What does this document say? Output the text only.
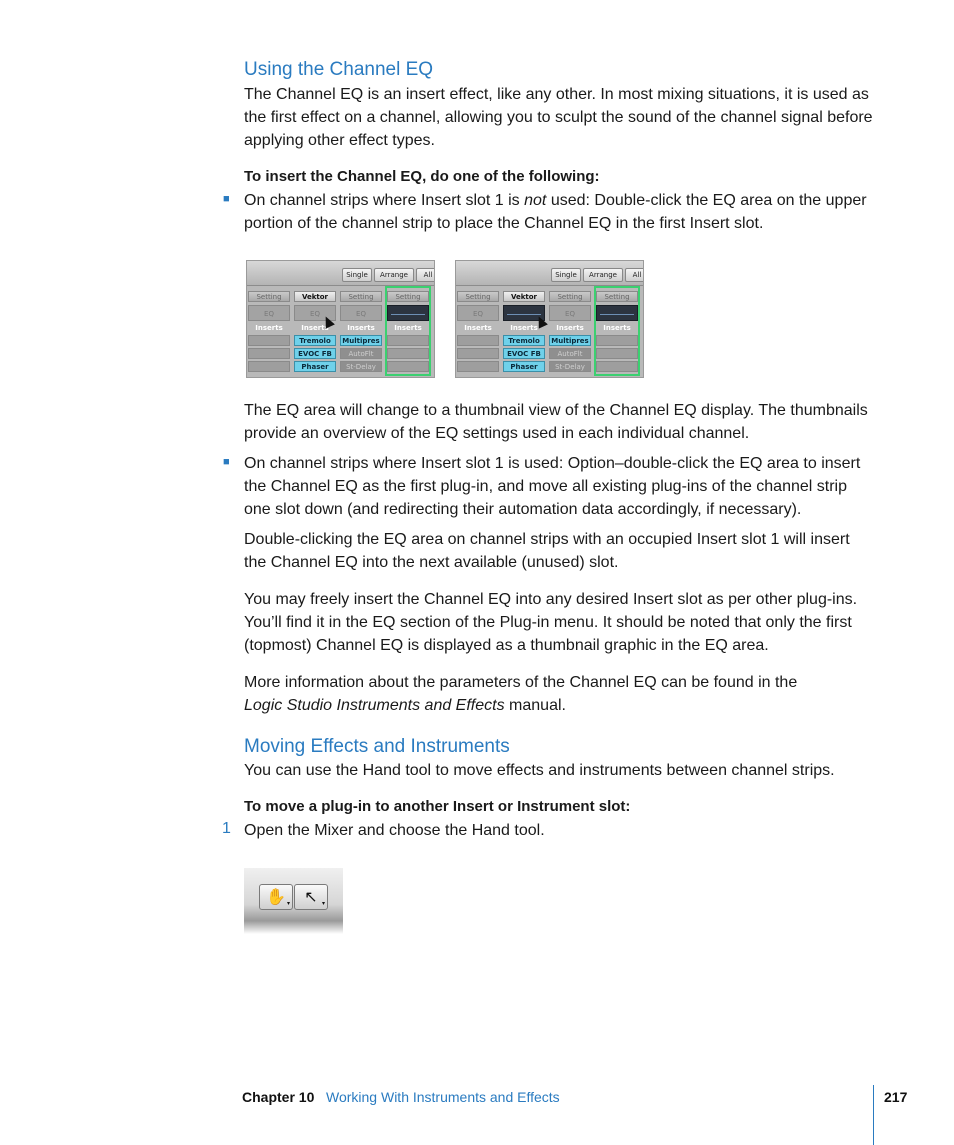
Using the Channel EQ
The Channel EQ is an insert effect, like any other. In most mixing situations, it is used as the first effect on a channel, allowing you to sculpt the sound of the channel signal before applying other effect types.
To insert the Channel EQ, do one of the following:
■ On channel strips where Insert slot 1 is not used: Double-click the EQ area on the upper portion of the channel strip to place the Channel EQ in the first Insert slot.
Single	Arrange	All
Setting
EQ
Inserts
Vektor
EQ
Inserts
Tremolo
EVOC FB
Phaser
Setting
EQ
Inserts
Multipres
AutoFlt
St-Delay
Setting
Inserts
Single	Arrange	All
Setting
EQ
Inserts
Vektor
Inserts
Tremolo
EVOC FB
Phaser
Setting
EQ
Inserts
Multipres
AutoFlt
St-Delay
Setting
Inserts
The EQ area will change to a thumbnail view of the Channel EQ display. The thumbnails provide an overview of the EQ settings used in each individual channel.
■ On channel strips where Insert slot 1 is used: Option–double-click the EQ area to insert the Channel EQ as the first plug-in, and move all existing plug-ins of the channel strip one slot down (and redirecting their automation data accordingly, if necessary).
Double-clicking the EQ area on channel strips with an occupied Insert slot 1 will insert the Channel EQ into the next available (unused) slot.
You may freely insert the Channel EQ into any desired Insert slot as per other plug-ins. You’ll find it in the EQ section of the Plug-in menu. It should be noted that only the first (topmost) Channel EQ is displayed as a thumbnail graphic in the EQ area.
More information about the parameters of the Channel EQ can be found in the
Logic Studio Instruments and Effects manual.
Moving Effects and Instruments
You can use the Hand tool to move effects and instruments between channel strips.
To move a plug-in to another Insert or Instrument slot:
1 Open the Mixer and choose the Hand tool.
✋ ▾ ↖ ▾
Chapter 10 Working With Instruments and Effects	217
